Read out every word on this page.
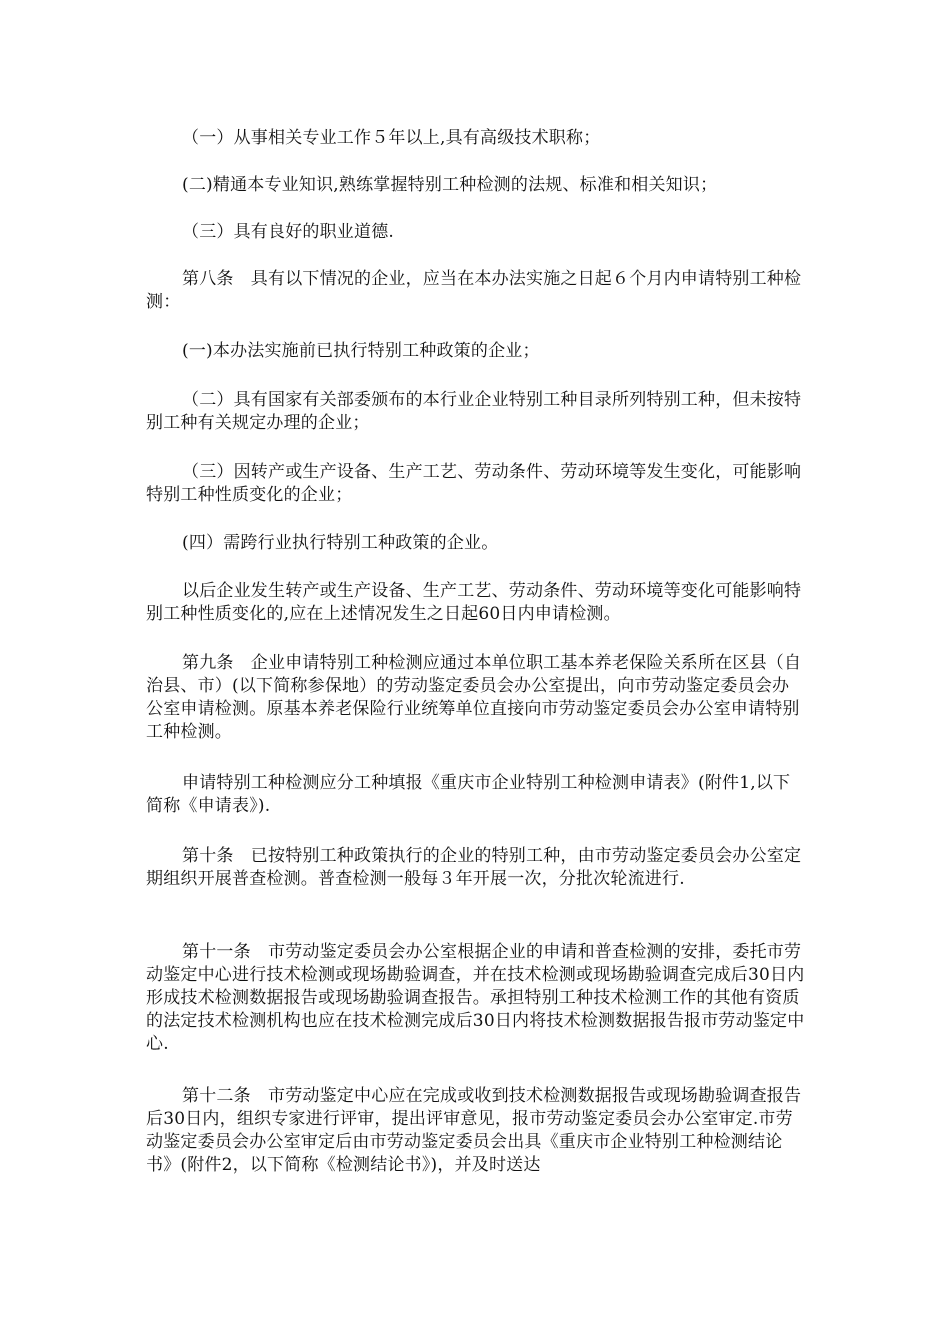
（一）从事相关专业工作５年以上,具有高级技术职称；

(二)精通本专业知识,熟练掌握特别工种检测的法规、标准和相关知识；

（三）具有良好的职业道德.

第八条　具有以下情况的企业，应当在本办法实施之日起６个月内申请特别工种检测：

(一)本办法实施前已执行特别工种政策的企业；

（二）具有国家有关部委颁布的本行业企业特别工种目录所列特别工种，但未按特别工种有关规定办理的企业；

（三）因转产或生产设备、生产工艺、劳动条件、劳动环境等发生变化，可能影响特别工种性质变化的企业；

(四）需跨行业执行特别工种政策的企业。

以后企业发生转产或生产设备、生产工艺、劳动条件、劳动环境等变化可能影响特别工种性质变化的,应在上述情况发生之日起60日内申请检测。

第九条　企业申请特别工种检测应通过本单位职工基本养老保险关系所在区县（自治县、市）(以下简称参保地）的劳动鉴定委员会办公室提出，向市劳动鉴定委员会办公室申请检测。原基本养老保险行业统筹单位直接向市劳动鉴定委员会办公室申请特别工种检测。

申请特别工种检测应分工种填报《重庆市企业特别工种检测申请表》(附件1,以下简称《申请表》).

第十条　已按特别工种政策执行的企业的特别工种，由市劳动鉴定委员会办公室定期组织开展普查检测。普查检测一般每３年开展一次，分批次轮流进行.

第十一条　市劳动鉴定委员会办公室根据企业的申请和普查检测的安排，委托市劳动鉴定中心进行技术检测或现场勘验调查，并在技术检测或现场勘验调查完成后30日内形成技术检测数据报告或现场勘验调查报告。承担特别工种技术检测工作的其他有资质的法定技术检测机构也应在技术检测完成后30日内将技术检测数据报告报市劳动鉴定中心.

第十二条　市劳动鉴定中心应在完成或收到技术检测数据报告或现场勘验调查报告后30日内，组织专家进行评审，提出评审意见，报市劳动鉴定委员会办公室审定.市劳动鉴定委员会办公室审定后由市劳动鉴定委员会出具《重庆市企业特别工种检测结论书》(附件2，以下简称《检测结论书》)，并及时送达
